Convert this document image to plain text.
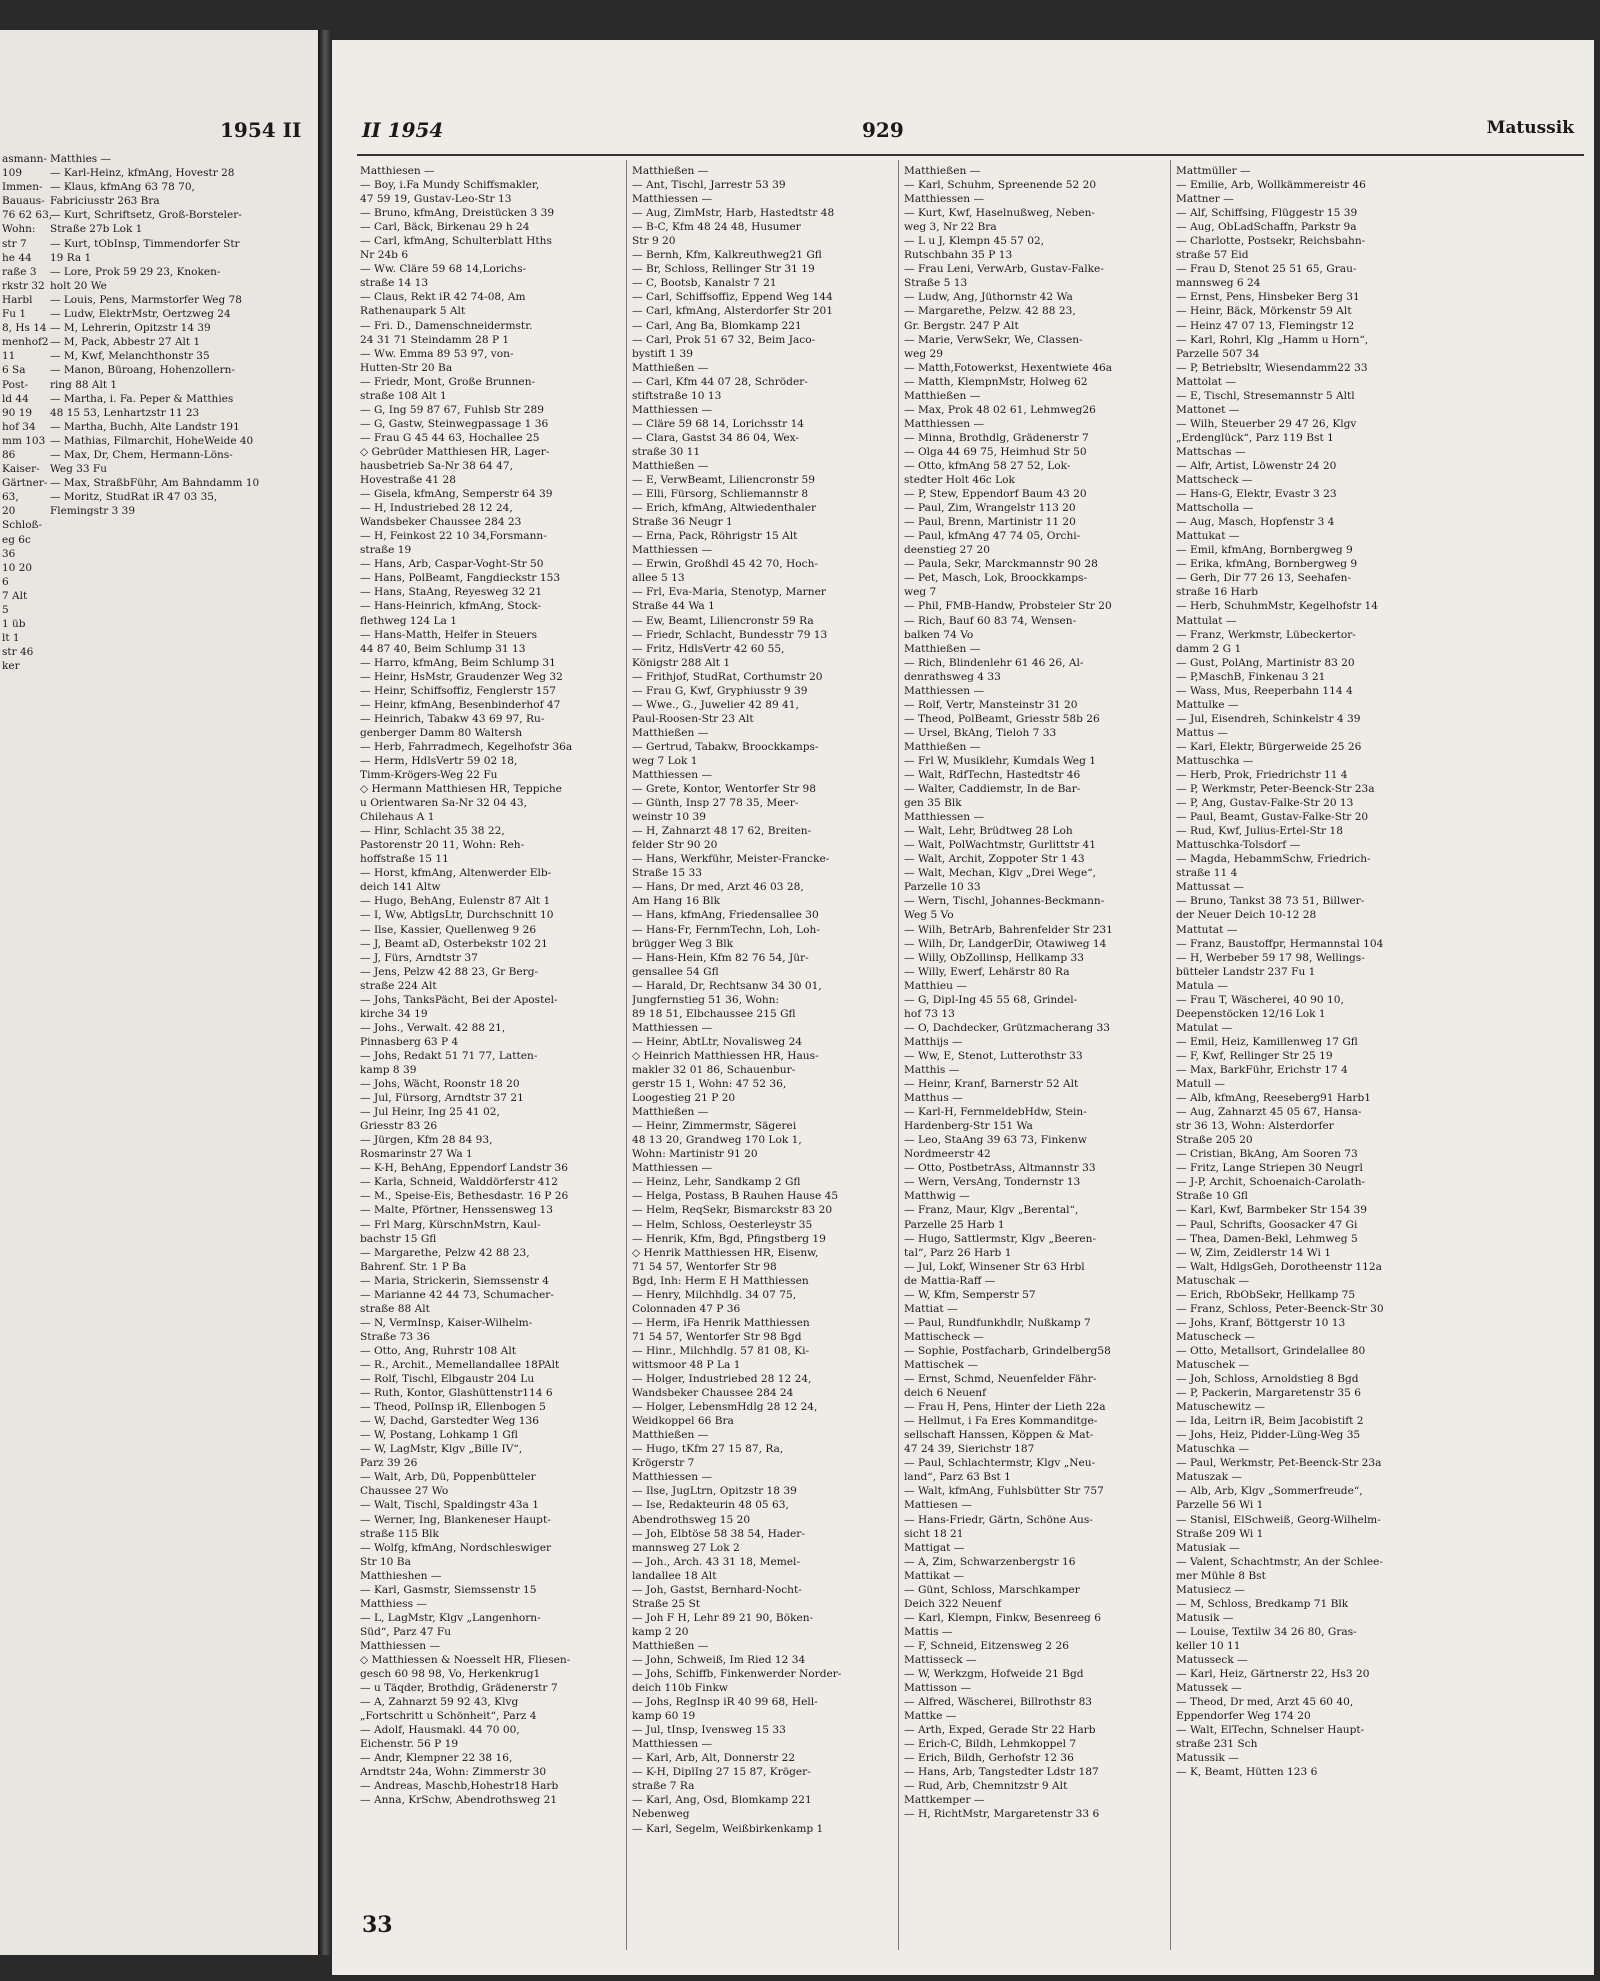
1954 II
asmann-
109
Immen-
Bauaus-
76 62 63,
Wohn:
str 7
he 44
raße 3
rkstr 32
Harbl
Fu 1
8, Hs 14
menhof2
11
6 Sa
Post-
ld 44
90 19
hof 34
mm 103
86
Kaiser-
Gärtner-
63,
20
Schloß-
eg 6c
36
10 20
6
7 Alt
5
1 üb
lt 1
str 46
ker
Matthies —
— Karl-Heinz, kfmAng, Hovestr 28
— Klaus, kfmAng 63 78 70,
Fabriciusstr 263 Bra
— Kurt, Schriftsetz, Groß-Borsteler-
Straße 27b Lok 1
— Kurt, tObInsp, Timmendorfer Str
19 Ra 1
— Lore, Prok 59 29 23, Knoken-
holt 20 We
— Louis, Pens, Marmstorfer Weg 78
— Ludw, ElektrMstr, Oertzweg 24
— M, Lehrerin, Opitzstr 14 39
— M, Pack, Abbestr 27 Alt 1
— M, Kwf, Melanchthonstr 35
— Manon, Büroang, Hohenzollern-
ring 88 Alt 1
— Martha, i. Fa. Peper & Matthies
48 15 53, Lenhartzstr 11 23
— Martha, Buchh, Alte Landstr 191
— Mathias, Filmarchit, HoheWeide 40
— Max, Dr, Chem, Hermann-Löns-
Weg 33 Fu
— Max, StraßbFühr, Am Bahndamm 10
— Moritz, StudRat iR 47 03 35,
Flemingstr 3 39
II 1954	929	Matussik
Matthiesen —
— Boy, i.Fa Mundy Schiffsmakler,
47 59 19, Gustav-Leo-Str 13
— Bruno, kfmAng, Dreistücken 3 39
— Carl, Bäck, Birkenau 29 h 24
— Carl, kfmAng, Schulterblatt Hths
Nr 24b 6
— Ww. Cläre 59 68 14,Lorichs-
straße 14 13
— Claus, Rekt iR 42 74-08, Am
Rathenaupark 5 Alt
— Fri. D., Damenschneidermstr.
24 31 71 Steindamm 28 P 1
— Ww. Emma 89 53 97, von-
Hutten-Str 20 Ba
— Friedr, Mont, Große Brunnen-
straße 108 Alt 1
— G, Ing 59 87 67, Fuhlsb Str 289
— G, Gastw, Steinwegpassage 1 36
— Frau G 45 44 63, Hochallee 25
◇ Gebrüder Matthiesen HR, Lager-
hausbetrieb Sa-Nr 38 64 47,
Hovestraße 41 28
— Gisela, kfmAng, Semperstr 64 39
— H, Industriebed 28 12 24,
Wandsbeker Chaussee 284 23
— H, Feinkost 22 10 34,Forsmann-
straße 19
— Hans, Arb, Caspar-Voght-Str 50
— Hans, PolBeamt, Fangdieckstr 153
— Hans, StaAng, Reyesweg 32 21
— Hans-Heinrich, kfmAng, Stock-
flethweg 124 La 1
— Hans-Matth, Helfer in Steuers
44 87 40, Beim Schlump 31 13
— Harro, kfmAng, Beim Schlump 31
— Heinr, HsMstr, Graudenzer Weg 32
— Heinr, Schiffsoffiz, Fenglerstr 157
— Heinr, kfmAng, Besenbinderhof 47
— Heinrich, Tabakw 43 69 97, Ru-
genberger Damm 80 Waltersh
— Herb, Fahrradmech, Kegelhofstr 36a
— Herm, HdlsVertr 59 02 18,
Timm-Krögers-Weg 22 Fu
◇ Hermann Matthiesen HR, Teppiche
u Orientwaren Sa-Nr 32 04 43,
Chilehaus A 1
— Hinr, Schlacht 35 38 22,
Pastorenstr 20 11, Wohn: Reh-
hoffstraße 15 11
— Horst, kfmAng, Altenwerder Elb-
deich 141 Altw
— Hugo, BehAng, Eulenstr 87 Alt 1
— I, Ww, AbtlgsLtr, Durchschnitt 10
— Ilse, Kassier, Quellenweg 9 26
— J, Beamt aD, Osterbekstr 102 21
— J, Fürs, Arndtstr 37
— Jens, Pelzw 42 88 23, Gr Berg-
straße 224 Alt
— Johs, TanksPächt, Bei der Apostel-
kirche 34 19
— Johs., Verwalt. 42 88 21,
Pinnasberg 63 P 4
— Johs, Redakt 51 71 77, Latten-
kamp 8 39
— Johs, Wächt, Roonstr 18 20
— Jul, Fürsorg, Arndtstr 37 21
— Jul Heinr, Ing 25 41 02,
Griesstr 83 26
— Jürgen, Kfm 28 84 93,
Rosmarinstr 27 Wa 1
— K-H, BehAng, Eppendorf Landstr 36
— Karla, Schneid, Walddörferstr 412
— M., Speise-Eis, Bethesdastr. 16 P 26
— Malte, Pförtner, Henssensweg 13
— Frl Marg, KürschnMstrn, Kaul-
bachstr 15 Gfl
— Margarethe, Pelzw 42 88 23,
Bahrenf. Str. 1 P Ba
— Maria, Strickerin, Siemssenstr 4
— Marianne 42 44 73, Schumacher-
straße 88 Alt
— N, VermInsp, Kaiser-Wilhelm-
Straße 73 36
— Otto, Ang, Ruhrstr 108 Alt
— R., Archit., Memellandallee 18PAlt
— Rolf, Tischl, Elbgaustr 204 Lu
— Ruth, Kontor, Glashüttenstr114 6
— Theod, PolInsp iR, Ellenbogen 5
— W, Dachd, Garstedter Weg 136
— W, Postang, Lohkamp 1 Gfl
— W, LagMstr, Klgv „Bille IV“,
Parz 39 26
— Walt, Arb, Dü, Poppenbütteler
Chaussee 27 Wo
— Walt, Tischl, Spaldingstr 43a 1
— Werner, Ing, Blankeneser Haupt-
straße 115 Blk
— Wolfg, kfmAng, Nordschleswiger
Str 10 Ba
Matthieshen —
— Karl, Gasmstr, Siemssenstr 15
Matthiess —
— L, LagMstr, Klgv „Langenhorn-
Süd“, Parz 47 Fu
Matthiessen —
◇ Matthiessen & Noesselt HR, Fliesen-
gesch 60 98 98, Vo, Herkenkrug1
— u Täqder, Brothdig, Grädenerstr 7
— A, Zahnarzt 59 92 43, Klvg
„Fortschritt u Schönheit“, Parz 4
— Adolf, Hausmakl. 44 70 00,
Eichenstr. 56 P 19
— Andr, Klempner 22 38 16,
Arndtstr 24a, Wohn: Zimmerstr 30
— Andreas, Maschb,Hohestr18 Harb
— Anna, KrSchw, Abendrothsweg 21
Matthießen —
— Ant, Tischl, Jarrestr 53 39
Matthiessen —
— Aug, ZimMstr, Harb, Hastedtstr 48
— B-C, Kfm 48 24 48, Husumer
Str 9 20
— Bernh, Kfm, Kalkreuthweg21 Gfl
— Br, Schloss, Rellinger Str 31 19
— C, Bootsb, Kanalstr 7 21
— Carl, Schiffsoffiz, Eppend Weg 144
— Carl, kfmAng, Alsterdorfer Str 201
— Carl, Ang Ba, Blomkamp 221
— Carl, Prok 51 67 32, Beim Jaco-
bystift 1 39
Matthießen —
— Carl, Kfm 44 07 28, Schröder-
stiftstraße 10 13
Matthiessen —
— Cläre 59 68 14, Lorichsstr 14
— Clara, Gastst 34 86 04, Wex-
straße 30 11
Matthießen —
— E, VerwBeamt, Liliencronstr 59
— Elli, Fürsorg, Schliemannstr 8
— Erich, kfmAng, Altwiedenthaler
Straße 36 Neugr 1
— Erna, Pack, Röhrigstr 15 Alt
Matthiessen —
— Erwin, Großhdl 45 42 70, Hoch-
allee 5 13
— Frl, Eva-Maria, Stenotyp, Marner
Straße 44 Wa 1
— Ew, Beamt, Liliencronstr 59 Ra
— Friedr, Schlacht, Bundesstr 79 13
— Fritz, HdlsVertr 42 60 55,
Königstr 288 Alt 1
— Frithjof, StudRat, Corthumstr 20
— Frau G, Kwf, Gryphiusstr 9 39
— Wwe., G., Juwelier 42 89 41,
Paul-Roosen-Str 23 Alt
Matthießen —
— Gertrud, Tabakw, Broockkamps-
weg 7 Lok 1
Matthiessen —
— Grete, Kontor, Wentorfer Str 98
— Günth, Insp 27 78 35, Meer-
weinstr 10 39
— H, Zahnarzt 48 17 62, Breiten-
felder Str 90 20
— Hans, Werkführ, Meister-Francke-
Straße 15 33
— Hans, Dr med, Arzt 46 03 28,
Am Hang 16 Blk
— Hans, kfmAng, Friedensallee 30
— Hans-Fr, FernmTechn, Loh, Loh-
brügger Weg 3 Blk
— Hans-Hein, Kfm 82 76 54, Jür-
gensallee 54 Gfl
— Harald, Dr, Rechtsanw 34 30 01,
Jungfernstieg 51 36, Wohn:
89 18 51, Elbchaussee 215 Gfl
Matthiessen —
— Heinr, AbtLtr, Novalisweg 24
◇ Heinrich Matthiessen HR, Haus-
makler 32 01 86, Schauenbur-
gerstr 15 1, Wohn: 47 52 36,
Loogestieg 21 P 20
Matthießen —
— Heinr, Zimmermstr, Sägerei
48 13 20, Grandweg 170 Lok 1,
Wohn: Martinistr 91 20
Matthiessen —
— Heinz, Lehr, Sandkamp 2 Gfl
— Helga, Postass, B Rauhen Hause 45
— Helm, ReqSekr, Bismarckstr 83 20
— Helm, Schloss, Oesterleystr 35
— Henrik, Kfm, Bgd, Pfingstberg 19
◇ Henrik Matthiessen HR, Eisenw,
71 54 57, Wentorfer Str 98
Bgd, Inh: Herm E H Matthiessen
— Henry, Milchhdlg. 34 07 75,
Colonnaden 47 P 36
— Herm, iFa Henrik Matthiessen
71 54 57, Wentorfer Str 98 Bgd
— Hinr., Milchhdlg. 57 81 08, Ki-
wittsmoor 48 P La 1
— Holger, Industriebed 28 12 24,
Wandsbeker Chaussee 284 24
— Holger, LebensmHdlg 28 12 24,
Weidkoppel 66 Bra
Matthießen —
— Hugo, tKfm 27 15 87, Ra,
Krögerstr 7
Matthiessen —
— Ilse, JugLtrn, Opitzstr 18 39
— Ise, Redakteurin 48 05 63,
Abendrothsweg 15 20
— Joh, Elbtöse 58 38 54, Hader-
mannsweg 27 Lok 2
— Joh., Arch. 43 31 18, Memel-
landallee 18 Alt
— Joh, Gastst, Bernhard-Nocht-
Straße 25 St
— Joh F H, Lehr 89 21 90, Böken-
kamp 2 20
Matthießen —
— John, Schweiß, Im Ried 12 34
— Johs, Schiffb, Finkenwerder Norder-
deich 110b Finkw
— Johs, RegInsp iR 40 99 68, Hell-
kamp 60 19
— Jul, tInsp, Ivensweg 15 33
Matthiessen —
— Karl, Arb, Alt, Donnerstr 22
— K-H, DiplIng 27 15 87, Kröger-
straße 7 Ra
— Karl, Ang, Osd, Blomkamp 221
Nebenweg
— Karl, Segelm, Weißbirkenkamp 1
Matthießen —
— Karl, Schuhm, Spreenende 52 20
Matthiessen —
— Kurt, Kwf, Haselnußweg, Neben-
weg 3, Nr 22 Bra
— L u J, Klempn 45 57 02,
Rutschbahn 35 P 13
— Frau Leni, VerwArb, Gustav-Falke-
Straße 5 13
— Ludw, Ang, Jüthornstr 42 Wa
— Margarethe, Pelzw. 42 88 23,
Gr. Bergstr. 247 P Alt
— Marie, VerwSekr, We, Classen-
weg 29
— Matth,Fotowerkst, Hexentwiete 46a
— Matth, KlempnMstr, Holweg 62
Matthießen —
— Max, Prok 48 02 61, Lehmweg26
Matthiessen —
— Minna, Brothdlg, Grädenerstr 7
— Olga 44 69 75, Heimhud Str 50
— Otto, kfmAng 58 27 52, Lok-
stedter Holt 46c Lok
— P, Stew, Eppendorf Baum 43 20
— Paul, Zim, Wrangelstr 113 20
— Paul, Brenn, Martinistr 11 20
— Paul, kfmAng 47 74 05, Orchi-
deenstieg 27 20
— Paula, Sekr, Marckmannstr 90 28
— Pet, Masch, Lok, Broockkamps-
weg 7
— Phil, FMB-Handw, Probsteier Str 20
— Rich, Bauf 60 83 74, Wensen-
balken 74 Vo
Matthießen —
— Rich, Blindenlehr 61 46 26, Al-
denrathsweg 4 33
Matthiessen —
— Rolf, Vertr, Mansteinstr 31 20
— Theod, PolBeamt, Griesstr 58b 26
— Ursel, BkAng, Tieloh 7 33
Matthießen —
— Frl W, Musiklehr, Kumdals Weg 1
— Walt, RdfTechn, Hastedtstr 46
— Walter, Caddiemstr, In de Bar-
gen 35 Blk
Matthiessen —
— Walt, Lehr, Brüdtweg 28 Loh
— Walt, PolWachtmstr, Gurlittstr 41
— Walt, Archit, Zoppoter Str 1 43
— Walt, Mechan, Klgv „Drei Wege“,
Parzelle 10 33
— Wern, Tischl, Johannes-Beckmann-
Weg 5 Vo
— Wilh, BetrArb, Bahrenfelder Str 231
— Wilh, Dr, LandgerDir, Otawiweg 14
— Willy, ObZollinsp, Hellkamp 33
— Willy, Ewerf, Lehärstr 80 Ra
Matthieu —
— G, Dipl-Ing 45 55 68, Grindel-
hof 73 13
— O, Dachdecker, Grützmacherang 33
Matthijs —
— Ww, E, Stenot, Lutterothstr 33
Matthis —
— Heinr, Kranf, Barnerstr 52 Alt
Matthus —
— Karl-H, FernmeldebHdw, Stein-
Hardenberg-Str 151 Wa
— Leo, StaAng 39 63 73, Finkenw
Nordmeerstr 42
— Otto, PostbetrAss, Altmannstr 33
— Wern, VersAng, Tondernstr 13
Matthwig —
— Franz, Maur, Klgv „Berental“,
Parzelle 25 Harb 1
— Hugo, Sattlermstr, Klgv „Beeren-
tal“, Parz 26 Harb 1
— Jul, Lokf, Winsener Str 63 Hrbl
de Mattia-Raff —
— W, Kfm, Semperstr 57
Mattiat —
— Paul, Rundfunkhdlr, Nußkamp 7
Mattischeck —
— Sophie, Postfacharb, Grindelberg58
Mattischek —
— Ernst, Schmd, Neuenfelder Fähr-
deich 6 Neuenf
— Frau H, Pens, Hinter der Lieth 22a
— Hellmut, i Fa Eres Kommanditge-
sellschaft Hanssen, Köppen & Mat-
47 24 39, Sierichstr 187
— Paul, Schlachtermstr, Klgv „Neu-
land“, Parz 63 Bst 1
— Walt, kfmAng, Fuhlsbütter Str 757
Mattiesen —
— Hans-Friedr, Gärtn, Schöne Aus-
sicht 18 21
Mattigat —
— A, Zim, Schwarzenbergstr 16
Mattikat —
— Günt, Schloss, Marschkamper
Deich 322 Neuenf
— Karl, Klempn, Finkw, Besenreeg 6
Mattis —
— F, Schneid, Eitzensweg 2 26
Mattisseck —
— W, Werkzgm, Hofweide 21 Bgd
Mattisson —
— Alfred, Wäscherei, Billrothstr 83
Mattke —
— Arth, Exped, Gerade Str 22 Harb
— Erich-C, Bildh, Lehmkoppel 7
— Erich, Bildh, Gerhofstr 12 36
— Hans, Arb, Tangstedter Ldstr 187
— Rud, Arb, Chemnitzstr 9 Alt
Mattkemper —
— H, RichtMstr, Margaretenstr 33 6
Mattmüller —
— Emilie, Arb, Wollkämmereistr 46
Mattner —
— Alf, Schiffsing, Flüggestr 15 39
— Aug, ObLadSchaffn, Parkstr 9a
— Charlotte, Postsekr, Reichsbahn-
straße 57 Eid
— Frau D, Stenot 25 51 65, Grau-
mannsweg 6 24
— Ernst, Pens, Hinsbeker Berg 31
— Heinr, Bäck, Mörkenstr 59 Alt
— Heinz 47 07 13, Flemingstr 12
— Karl, Rohrl, Klg „Hamm u Horn“,
Parzelle 507 34
— P, Betriebsltr, Wiesendamm22 33
Mattolat —
— E, Tischl, Stresemannstr 5 Altl
Mattonet —
— Wilh, Steuerber 29 47 26, Klgv
„Erdenglück“, Parz 119 Bst 1
Mattschas —
— Alfr, Artist, Löwenstr 24 20
Mattscheck —
— Hans-G, Elektr, Evastr 3 23
Mattscholla —
— Aug, Masch, Hopfenstr 3 4
Mattukat —
— Emil, kfmAng, Bornbergweg 9
— Erika, kfmAng, Bornbergweg 9
— Gerh, Dir 77 26 13, Seehafen-
straße 16 Harb
— Herb, SchuhmMstr, Kegelhofstr 14
Mattulat —
— Franz, Werkmstr, Lübeckertor-
damm 2 G 1
— Gust, PolAng, Martinistr 83 20
— P,MaschB, Finkenau 3 21
— Wass, Mus, Reeperbahn 114 4
Mattulke —
— Jul, Eisendreh, Schinkelstr 4 39
Mattus —
— Karl, Elektr, Bürgerweide 25 26
Mattuschka —
— Herb, Prok, Friedrichstr 11 4
— P, Werkmstr, Peter-Beenck-Str 23a
— P, Ang, Gustav-Falke-Str 20 13
— Paul, Beamt, Gustav-Falke-Str 20
— Rud, Kwf, Julius-Ertel-Str 18
Mattuschka-Tolsdorf —
— Magda, HebammSchw, Friedrich-
straße 11 4
Mattussat —
— Bruno, Tankst 38 73 51, Billwer-
der Neuer Deich 10-12 28
Mattutat —
— Franz, Baustoffpr, Hermannstal 104
— H, Werbeber 59 17 98, Wellings-
bütteler Landstr 237 Fu 1
Matula —
— Frau T, Wäscherei, 40 90 10,
Deepenstöcken 12/16 Lok 1
Matulat —
— Emil, Heiz, Kamillenweg 17 Gfl
— F, Kwf, Rellinger Str 25 19
— Max, BarkFühr, Erichstr 17 4
Matull —
— Alb, kfmAng, Reeseberg91 Harb1
— Aug, Zahnarzt 45 05 67, Hansa-
str 36 13, Wohn: Alsterdorfer
Straße 205 20
— Cristian, BkAng, Am Sooren 73
— Fritz, Lange Striepen 30 Neugrl
— J-P, Archit, Schoenaich-Carolath-
Straße 10 Gfl
— Karl, Kwf, Barmbeker Str 154 39
— Paul, Schrifts, Goosacker 47 Gi
— Thea, Damen-Bekl, Lehmweg 5
— W, Zim, Zeidlerstr 14 Wi 1
— Walt, HdlgsGeh, Dorotheenstr 112a
Matuschak —
— Erich, RbObSekr, Hellkamp 75
— Franz, Schloss, Peter-Beenck-Str 30
— Johs, Kranf, Böttgerstr 10 13
Matuscheck —
— Otto, Metallsort, Grindelallee 80
Matuschek —
— Joh, Schloss, Arnoldstieg 8 Bgd
— P, Packerin, Margaretenstr 35 6
Matuschewitz —
— Ida, Leitrn iR, Beim Jacobistift 2
— Johs, Heiz, Pidder-Lüng-Weg 35
Matuschka —
— Paul, Werkmstr, Pet-Beenck-Str 23a
Matuszak —
— Alb, Arb, Klgv „Sommerfreude“,
Parzelle 56 Wi 1
— Stanisl, ElSchweiß, Georg-Wilhelm-
Straße 209 Wi 1
Matusiak —
— Valent, Schachtmstr, An der Schlee-
mer Mühle 8 Bst
Matusiecz —
— M, Schloss, Bredkamp 71 Blk
Matusik —
— Louise, Textilw 34 26 80, Gras-
keller 10 11
Matusseck —
— Karl, Heiz, Gärtnerstr 22, Hs3 20
Matussek —
— Theod, Dr med, Arzt 45 60 40,
Eppendorfer Weg 174 20
— Walt, ElTechn, Schnelser Haupt-
straße 231 Sch
Matussik —
— K, Beamt, Hütten 123 6
33
